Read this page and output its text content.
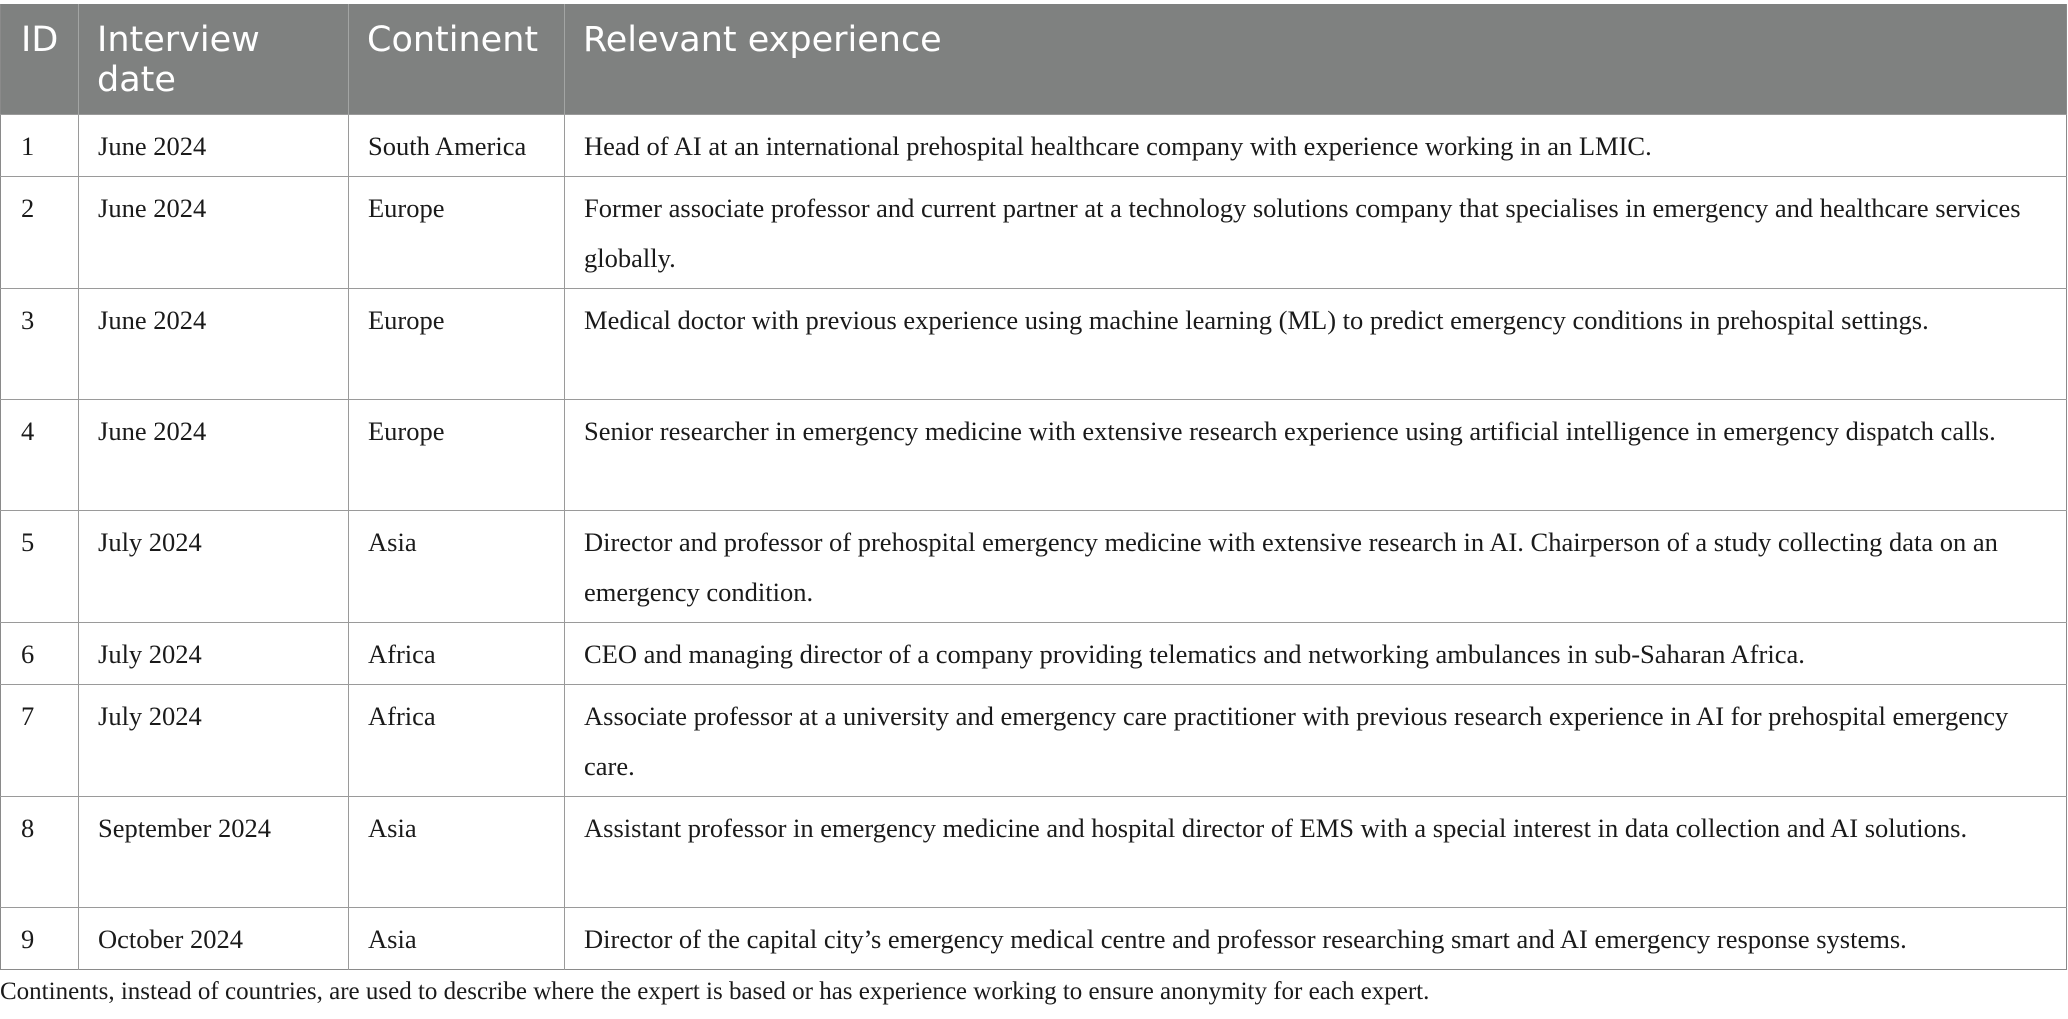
ID	Interview date	Continent	Relevant experience
1	June 2024	South America	Head of AI at an international prehospital healthcare company with experience working in an LMIC.
2	June 2024	Europe	Former associate professor and current partner at a technology solutions company that specialises in emergency and healthcare services globally.
3	June 2024	Europe	Medical doctor with previous experience using machine learning (ML) to predict emergency conditions in prehospital settings.
4	June 2024	Europe	Senior researcher in emergency medicine with extensive research experience using artificial intelligence in emergency dispatch calls.
5	July 2024	Asia	Director and professor of prehospital emergency medicine with extensive research in AI. Chairperson of a study collecting data on an emergency condition.
6	July 2024	Africa	CEO and managing director of a company providing telematics and networking ambulances in sub-Saharan Africa.
7	July 2024	Africa	Associate professor at a university and emergency care practitioner with previous research experience in AI for prehospital emergency care.
8	September 2024	Asia	Assistant professor in emergency medicine and hospital director of EMS with a special interest in data collection and AI solutions.
9	October 2024	Asia	Director of the capital city’s emergency medical centre and professor researching smart and AI emergency response systems.
Continents, instead of countries, are used to describe where the expert is based or has experience working to ensure anonymity for each expert.
